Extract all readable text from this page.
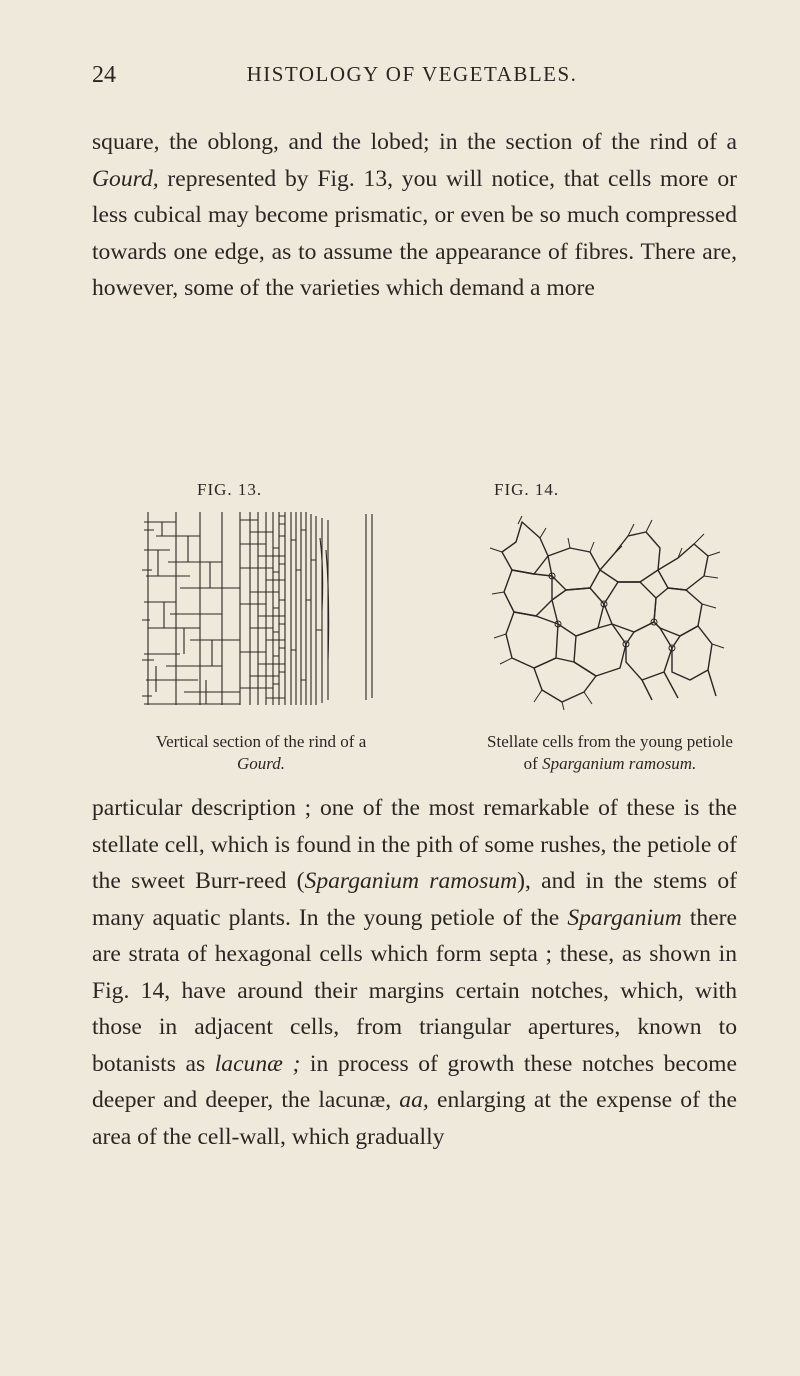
24	HISTOLOGY OF VEGETABLES.

square, the oblong, and the lobed; in the section of the rind of a Gourd, represented by Fig. 13, you will notice, that cells more or less cubical may become prismatic, or even be so much compressed towards one edge, as to assume the appearance of fibres. There are, however, some of the varieties which demand a more

FIG. 13.	FIG. 14.
Vertical section of the rind of a
Gourd.
Stellate cells from the young petiole
of Sparganium ramosum.

particular description ; one of the most remarkable of these is the stellate cell, which is found in the pith of some rushes, the petiole of the sweet Burr-reed (Sparganium ramosum), and in the stems of many aquatic plants. In the young petiole of the Sparganium there are strata of hexagonal cells which form septa ; these, as shown in Fig. 14, have around their margins certain notches, which, with those in adjacent cells, from triangular apertures, known to botanists as lacunæ ; in process of growth these notches become deeper and deeper, the lacunæ, aa, enlarging at the expense of the area of the cell-wall, which gradually
